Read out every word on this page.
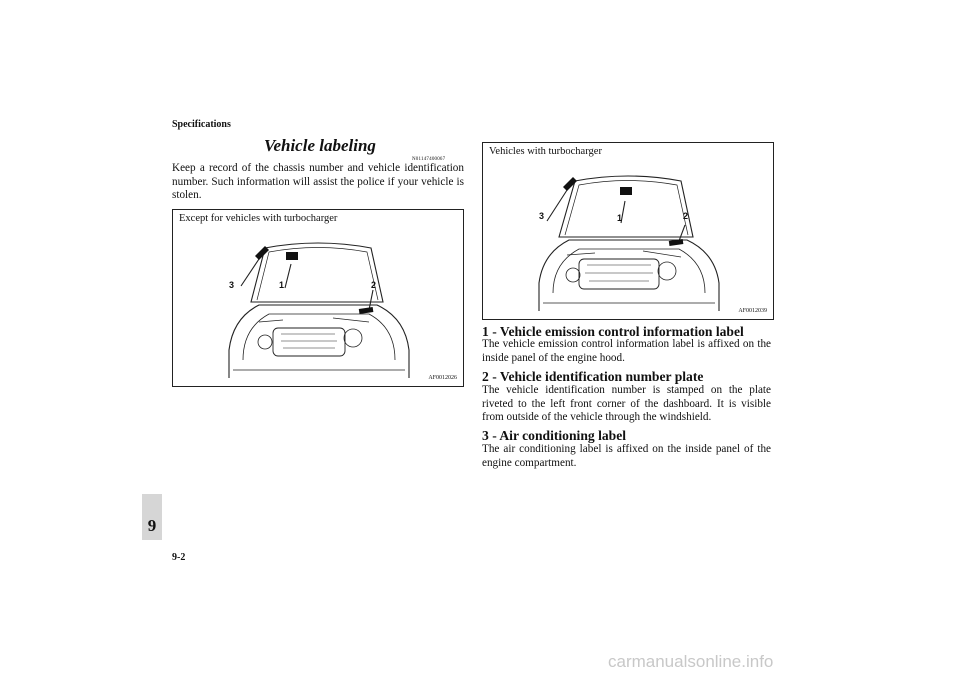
Specifications
Vehicle labeling
N01147400067
Keep a record of the chassis number and vehicle identification number. Such information will assist the police if your vehicle is stolen.
Except for vehicles with turbocharger
3	1	2
AF0012026
Vehicles with turbocharger
3	1	2
AF0012039
1 - Vehicle emission control information label
The vehicle emission control information label is affixed on the inside panel of the engine hood.
2 - Vehicle identification number plate
The vehicle identification number is stamped on the plate riveted to the left front corner of the dashboard. It is visible from outside of the vehicle through the windshield.
3 - Air conditioning label
The air conditioning label is affixed on the inside panel of the engine compartment.
9
9-2
carmanualsonline.info
